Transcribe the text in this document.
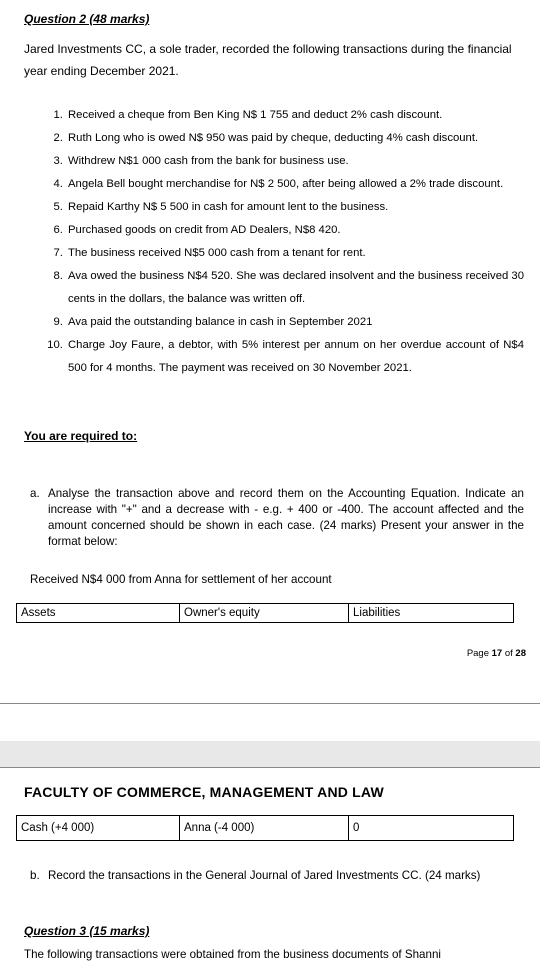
Question 2 (48 marks)
Jared Investments CC, a sole trader, recorded the following transactions during the financial year ending December 2021.
1. Received a cheque from Ben King N$ 1 755 and deduct 2% cash discount.
2. Ruth Long who is owed N$ 950 was paid by cheque, deducting 4% cash discount.
3. Withdrew N$1 000 cash from the bank for business use.
4. Angela Bell bought merchandise for N$ 2 500, after being allowed a 2% trade discount.
5. Repaid Karthy N$ 5 500 in cash for amount lent to the business.
6. Purchased goods on credit from AD Dealers, N$8 420.
7. The business received N$5 000 cash from a tenant for rent.
8. Ava owed the business N$4 520. She was declared insolvent and the business received 30 cents in the dollars, the balance was written off.
9. Ava paid the outstanding balance in cash in September 2021
10. Charge Joy Faure, a debtor, with 5% interest per annum on her overdue account of N$4 500 for 4 months. The payment was received on 30 November 2021.
You are required to:
a. Analyse the transaction above and record them on the Accounting Equation. Indicate an increase with "+" and a decrease with - e.g. + 400 or -400. The account affected and the amount concerned should be shown in each case. (24 marks) Present your answer in the format below:
Received N$4 000 from Anna for settlement of her account
Assets	Owner's equity	Liabilities
Page 17 of 28
FACULTY OF COMMERCE, MANAGEMENT AND LAW
Cash (+4 000)	Anna (-4 000)	0
b. Record the transactions in the General Journal of Jared Investments CC. (24 marks)
Question 3 (15 marks)
The following transactions were obtained from the business documents of Shanni
